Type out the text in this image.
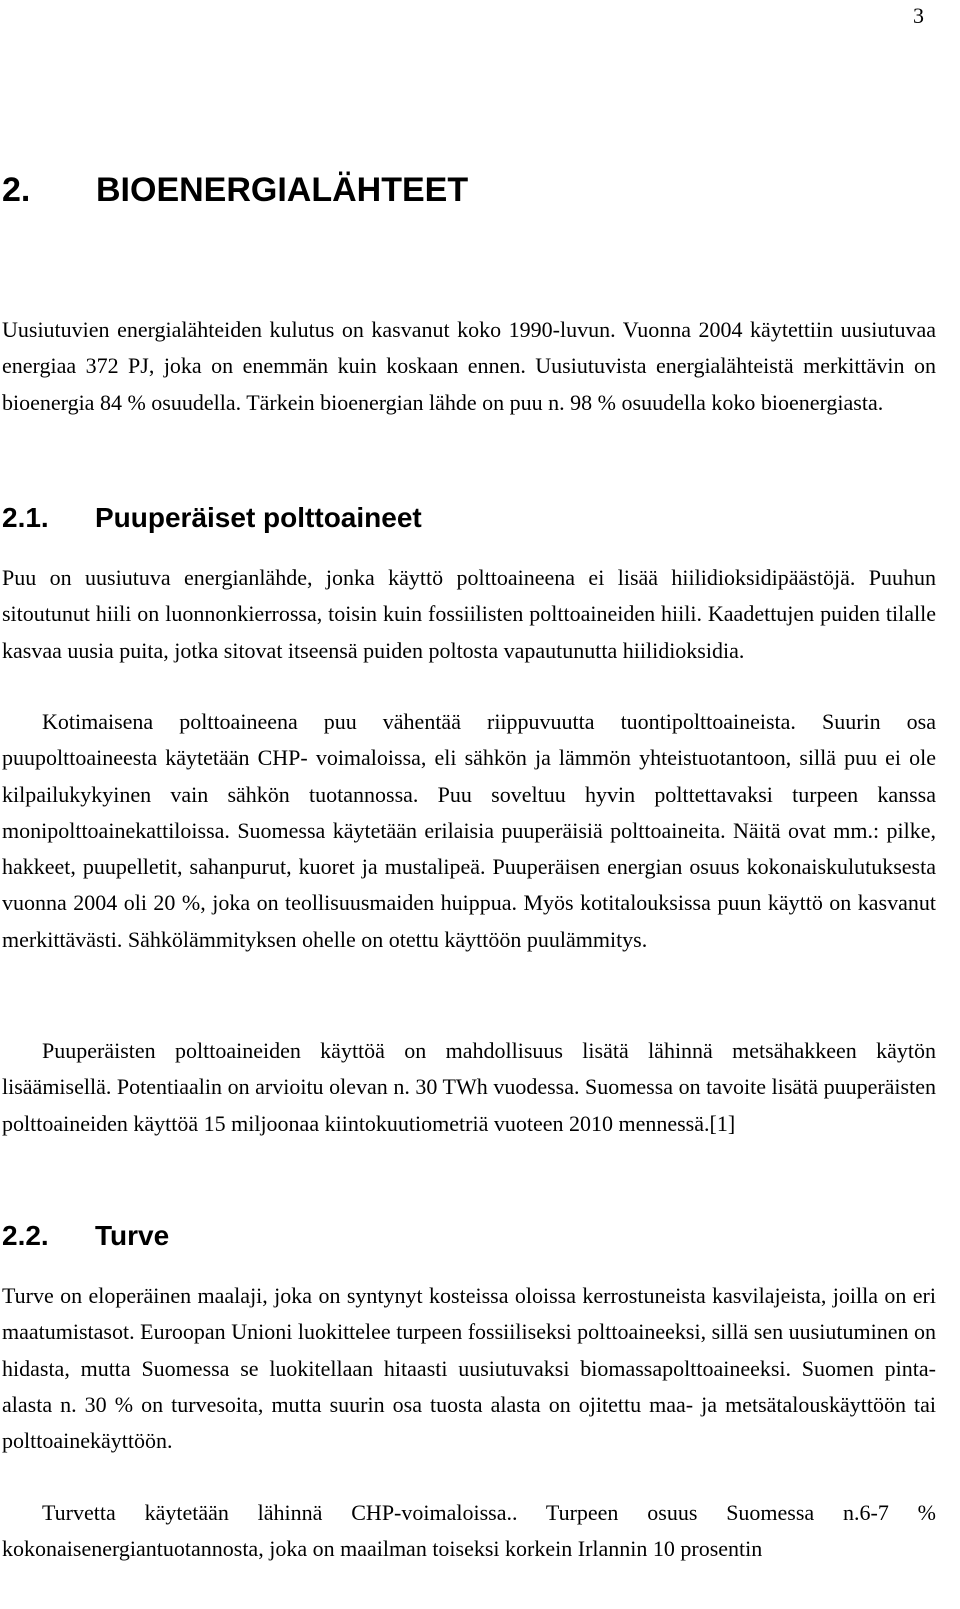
3
2. BIOENERGIALÄHTEET

Uusiutuvien energialähteiden kulutus on kasvanut koko 1990-luvun. Vuonna 2004 käytettiin uusiutuvaa energiaa 372 PJ, joka on enemmän kuin koskaan ennen. Uusiutuvista energialähteistä merkittävin on bioenergia 84 % osuudella. Tärkein bioenergian lähde on puu n. 98 % osuudella koko bioenergiasta.

2.1. Puuperäiset polttoaineet

Puu on uusiutuva energianlähde, jonka käyttö polttoaineena ei lisää hiilidioksidipäästöjä. Puuhun sitoutunut hiili on luonnonkierrossa, toisin kuin fossiilisten polttoaineiden hiili. Kaadettujen puiden tilalle kasvaa uusia puita, jotka sitovat itseensä puiden poltosta vapautunutta hiilidioksidia.

Kotimaisena polttoaineena puu vähentää riippuvuutta tuontipolttoaineista. Suurin osa puupolttoaineesta käytetään CHP- voimaloissa, eli sähkön ja lämmön yhteistuotantoon, sillä puu ei ole kilpailukykyinen vain sähkön tuotannossa. Puu soveltuu hyvin polttettavaksi turpeen kanssa monipolttoainekattiloissa. Suomessa käytetään erilaisia puuperäisiä polttoaineita. Näitä ovat mm.: pilke, hakkeet, puupelletit, sahanpurut, kuoret ja mustalipeä. Puuperäisen energian osuus kokonaiskulutuksesta vuonna 2004 oli 20 %, joka on teollisuusmaiden huippua. Myös kotitalouksissa puun käyttö on kasvanut merkittävästi. Sähkölämmityksen ohelle on otettu käyttöön puulämmitys.

Puuperäisten polttoaineiden käyttöä on mahdollisuus lisätä lähinnä metsähakkeen käytön lisäämisellä. Potentiaalin on arvioitu olevan n. 30 TWh vuodessa. Suomessa on tavoite lisätä puuperäisten polttoaineiden käyttöä 15 miljoonaa kiintokuutiometriä vuoteen 2010 mennessä.[1]

2.2. Turve

Turve on eloperäinen maalaji, joka on syntynyt kosteissa oloissa kerrostuneista kasvilajeista, joilla on eri maatumistasot. Euroopan Unioni luokittelee turpeen fossiiliseksi polttoaineeksi, sillä sen uusiutuminen on hidasta, mutta Suomessa se luokitellaan hitaasti uusiutuvaksi biomassapolttoaineeksi. Suomen pinta-alasta n. 30 % on turvesoita, mutta suurin osa tuosta alasta on ojitettu maa- ja metsätalouskäyttöön tai polttoainekäyttöön.

Turvetta käytetään lähinnä CHP-voimaloissa.. Turpeen osuus Suomessa n.6-7 % kokonaisenergiantuotannosta, joka on maailman toiseksi korkein Irlannin 10 prosentin
